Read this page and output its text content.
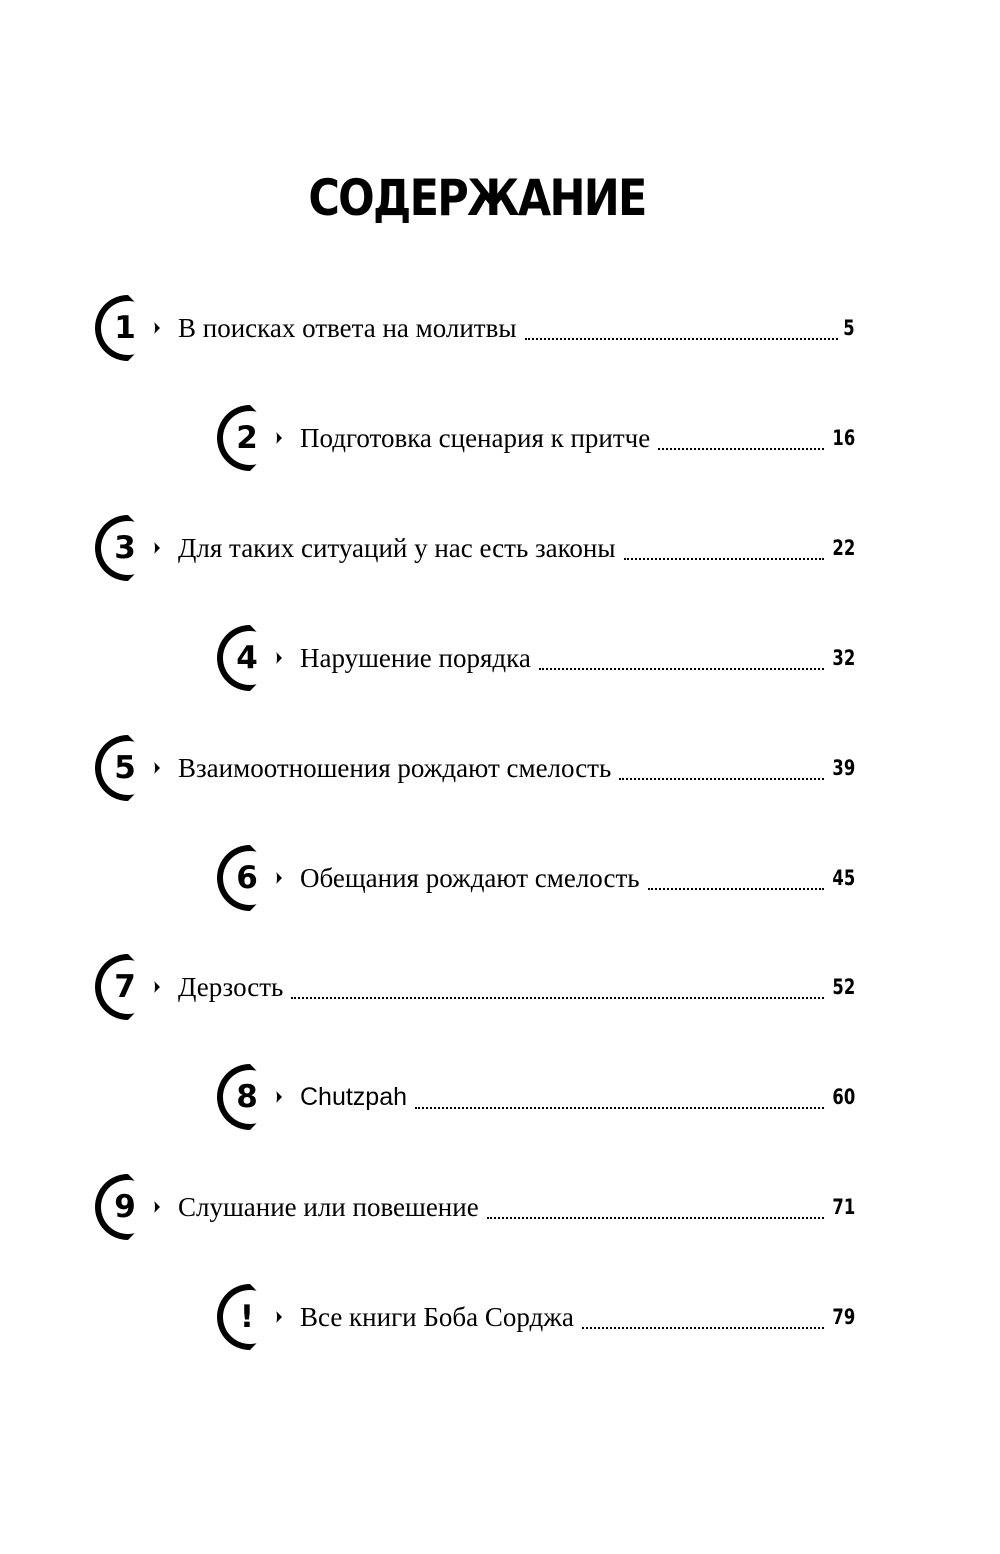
СОДЕРЖАНИЕ
1	В поисках ответа на молитвы	5
2	Подготовка сценария к притче	16
3	Для таких ситуаций у нас есть законы	22
4	Нарушение порядка	32
5	Взаимоотношения рождают смелость	39
6	Обещания рождают смелость	45
7	Дерзость	52
8	Chutzpah	60
9	Слушание или повешение	71
!	Все книги Боба Сорджа	79
